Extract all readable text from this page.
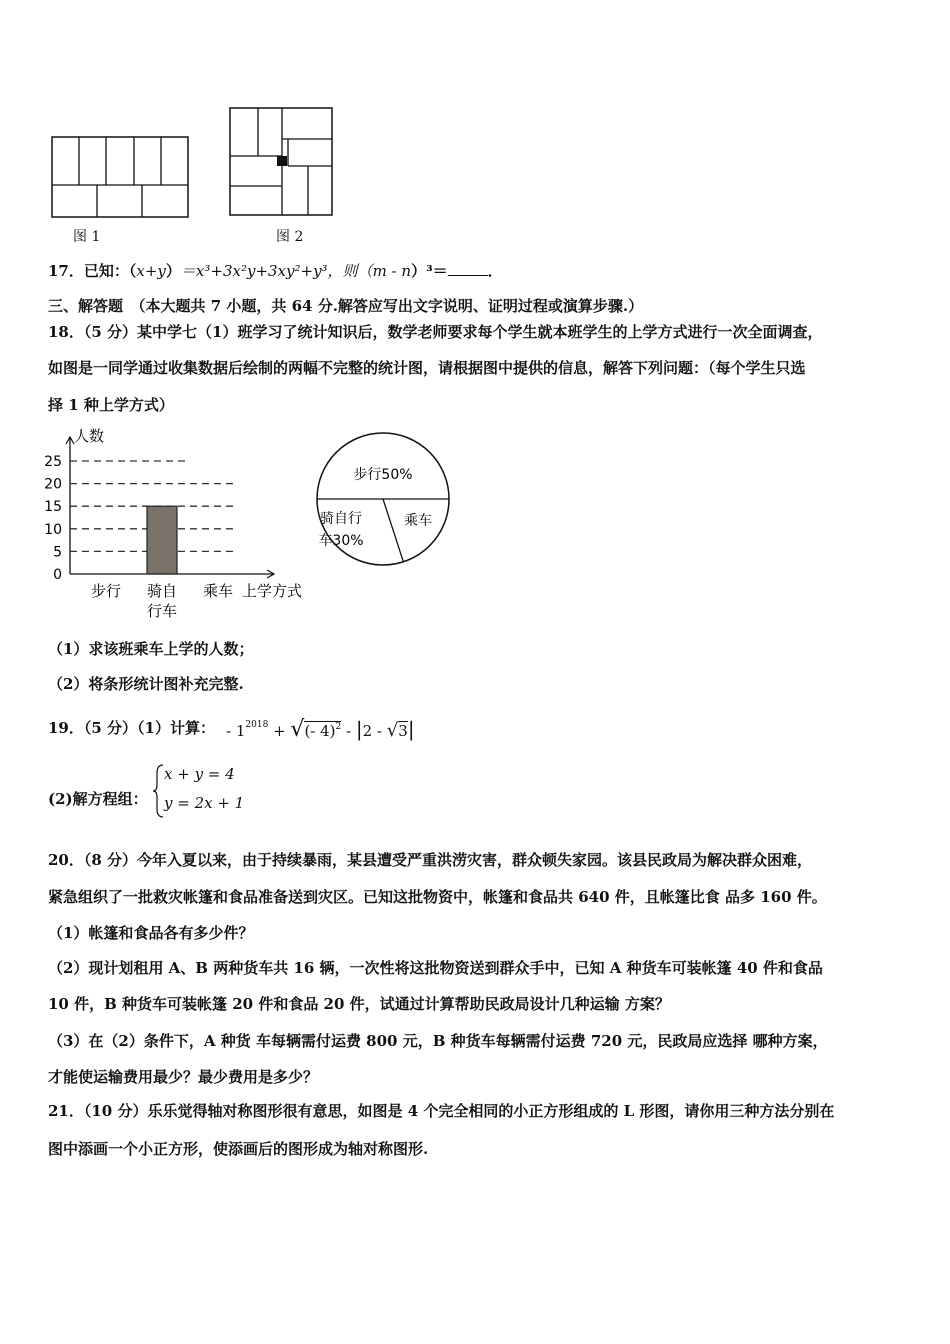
图 1	图 2
17．已知：（x+y）＝x³+3x²y+3xy²+y³，则（m - n）³＝	．
三、解答题　（本大题共 7 小题，共 64 分.解答应写出文字说明、证明过程或演算步骤.）
18．（5 分）某中学七（1）班学习了统计知识后，数学老师要求每个学生就本班学生的上学方式进行一次全面调查，
如图是一同学通过收集数据后绘制的两幅不完整的统计图，请根据图中提供的信息，解答下列问题：（每个学生只选
择 1 种上学方式）
人数
0
5
10
15
20
25
步行 骑自
行车
乘车 上学方式
步行50%
骑自行
车30%
乘车
（1）求该班乘车上学的人数；
（2）将条形统计图补充完整.
19．（5 分）（1）计算： - $1^{2018}$ + √(- 4)$^2$ - |2 - √3|
(2)解方程组：
x + y = 4
y = 2x + 1
20．（8 分）今年入夏以来，由于持续暴雨，某县遭受严重洪涝灾害，群众顿失家园。该县民政局为解决群众困难，
紧急组织了一批救灾帐篷和食品准备送到灾区。已知这批物资中，帐篷和食品共 640 件，且帐篷比食 品多 160 件。
（1）帐篷和食品各有多少件？
（2）现计划租用 A、B 两种货车共 16 辆，一次性将这批物资送到群众手中，已知 A 种货车可装帐篷 40 件和食品
10 件，B 种货车可装帐篷 20 件和食品 20 件，试通过计算帮助民政局设计几种运输 方案？
（3）在（2）条件下，A 种货 车每辆需付运费 800 元，B 种货车每辆需付运费 720 元，民政局应选择 哪种方案，
才能使运输费用最少？最少费用是多少？
21．（10 分）乐乐觉得轴对称图形很有意思，如图是 4 个完全相同的小正方形组成的 L 形图，请你用三种方法分别在
图中添画一个小正方形，使添画后的图形成为轴对称图形.
